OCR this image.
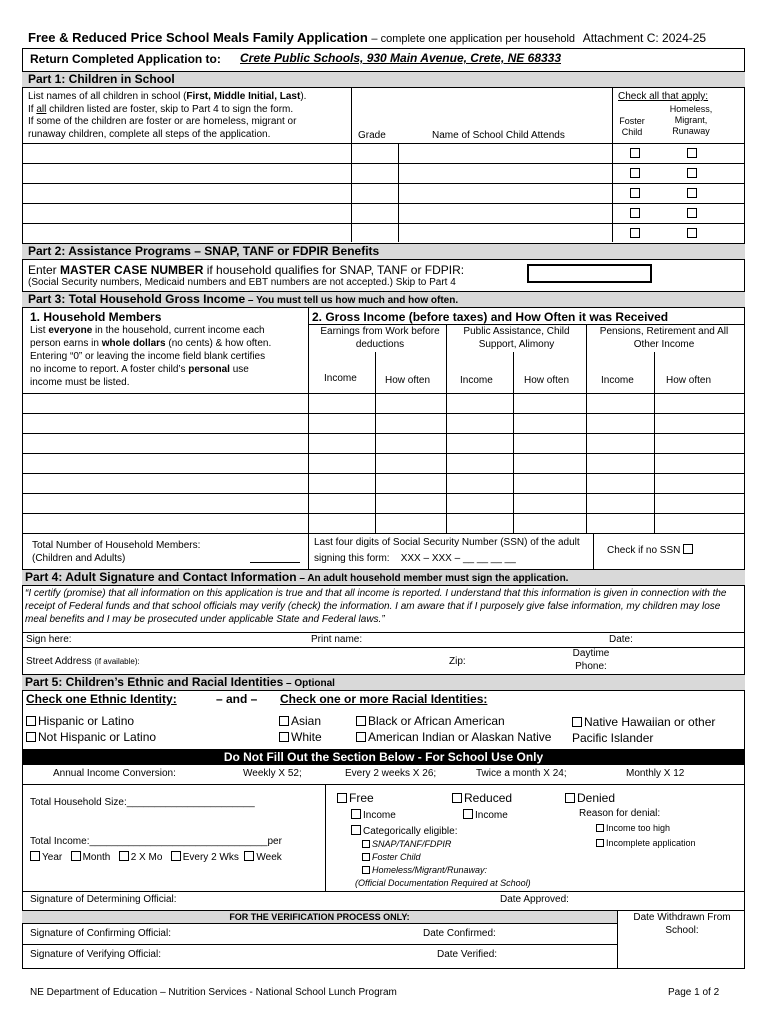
Free & Reduced Price School Meals Family Application – complete one application per household Attachment C: 2024-25
Return Completed Application to: Crete Public Schools, 930 Main Avenue, Crete, NE 68333
Part 1: Children in School
List names of all children in school (First, Middle Initial, Last).
If all children listed are foster, skip to Part 4 to sign the form.
If some of the children are foster or are homeless, migrant or
runaway children, complete all steps of the application.	Grade	Name of School Child Attends
Check all that apply:
Foster Child
Homeless, Migrant, Runaway
Part 2: Assistance Programs – SNAP, TANF or FDPIR Benefits
Enter MASTER CASE NUMBER if household qualifies for SNAP, TANF or FDPIR:
(Social Security numbers, Medicaid numbers and EBT numbers are not accepted.) Skip to Part 4
Part 3: Total Household Gross Income – You must tell us how much and how often.
1. Household Members
List everyone in the household, current income each
person earns in whole dollars (no cents) & how often.
Entering “0” or leaving the income field blank certifies
no income to report. A foster child’s personal use
income must be listed.
2. Gross Income (before taxes) and How Often it was Received
Earnings from Work before deductions
Public Assistance, Child Support, Alimony
Pensions, Retirement and All Other Income
Income	How often	Income	How often	Income	How often
Total Number of Household Members: (Children and Adults)
Last four digits of Social Security Number (SSN) of the adult signing this form: XXX – XXX – __ __ __ __
Check if no SSN
Part 4: Adult Signature and Contact Information – An adult household member must sign the application.
“I certify (promise) that all information on this application is true and that all income is reported. I understand that this information is given in connection with the receipt of Federal funds and that school officials may verify (check) the information. I am aware that if I purposely give false information, my children may lose meal benefits and I may be prosecuted under applicable State and Federal laws.”
Sign here:	Print name:	Date:
Street Address (if available):	Zip:
Daytime Phone:
Part 5: Children’s Ethnic and Racial Identities – Optional
Check one Ethnic Identity:	– and – Check one or more Racial Identities:
Hispanic or Latino
Not Hispanic or Latino
Asian
White
Black or African American
American Indian or Alaskan Native
Native Hawaiian or other Pacific Islander
Do Not Fill Out the Section Below - For School Use Only
Annual Income Conversion:	Weekly X 52;	Every 2 weeks X 26;	Twice a month X 24;	Monthly X 12
Total Household Size:_______________________
Total Income:________________________________per
Year Month 2 X Mo Every 2 Wks Week
Free	Reduced	Denied
Income	Income
Categorically eligible:
SNAP/TANF/FDPIR
Foster Child
Homeless/Migrant/Runaway:
(Official Documentation Required at School)
Reason for denial:
Income too high
Incomplete application
Signature of Determining Official:	Date Approved:
FOR THE VERIFICATION PROCESS ONLY:	Date Withdrawn From School:
Signature of Confirming Official:	Date Confirmed:
Signature of Verifying Official:	Date Verified:
NE Department of Education – Nutrition Services - National School Lunch Program	Page 1 of 2
